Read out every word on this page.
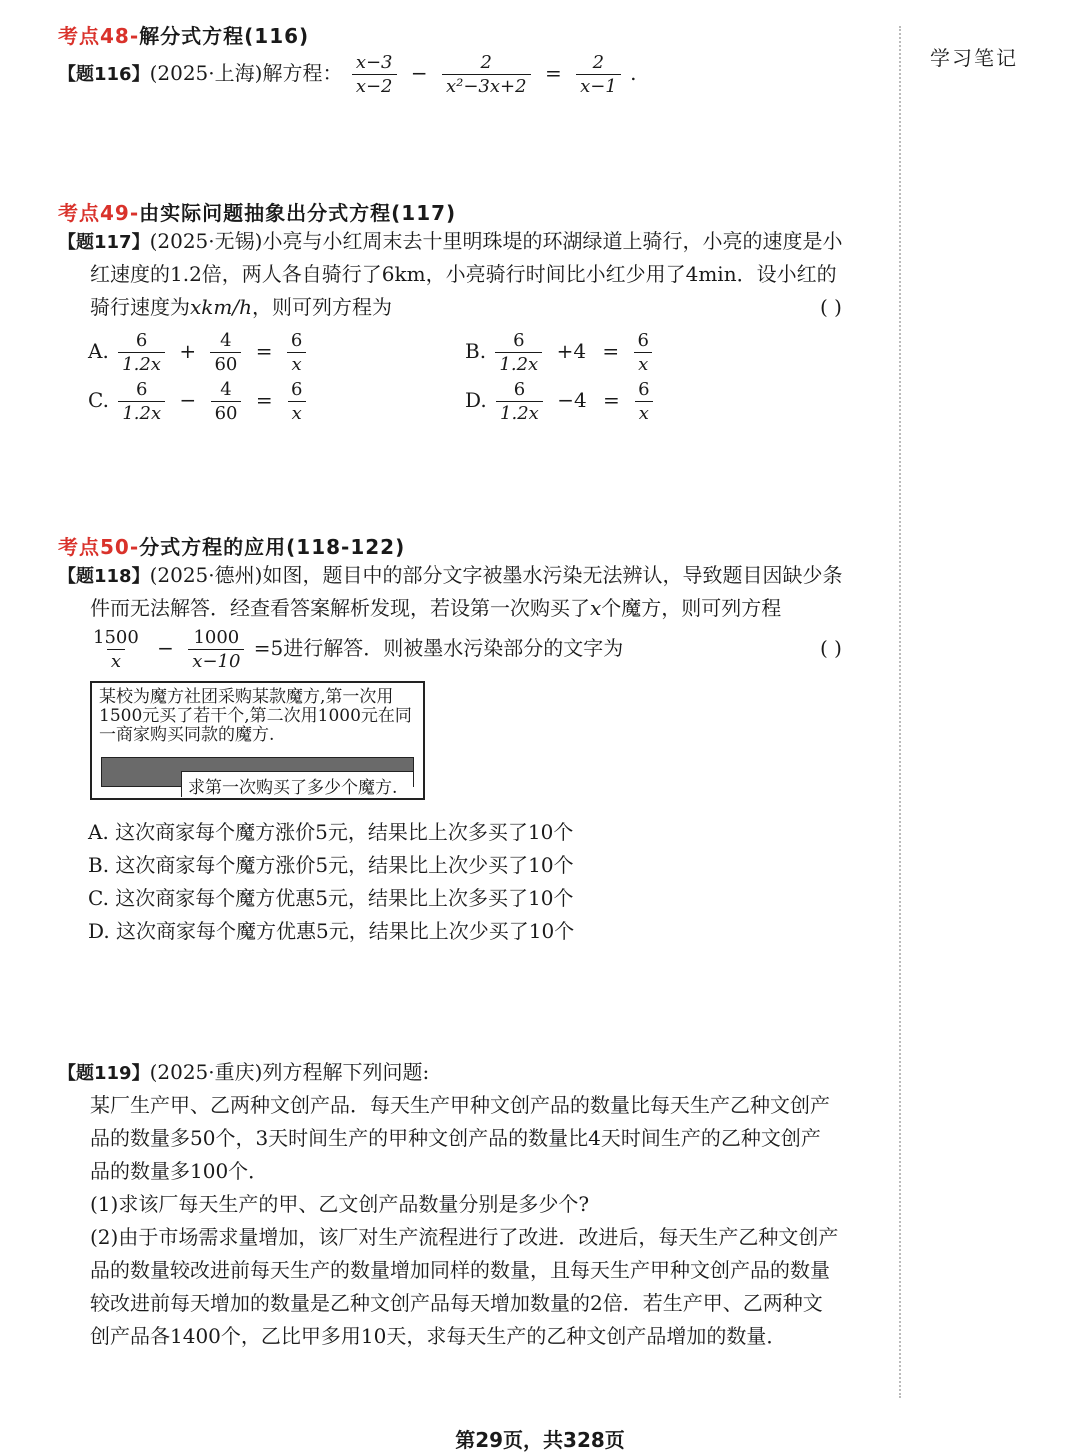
学习笔记
考点48-解分式方程(116)
【题116】(2025·上海)解方程： $\frac{x-3}{x-2} - \frac{2}{\text{x²−3x+2}} = \frac{2}{x-1}$ .
考点49-由实际问题抽象出分式方程(117)
【题117】(2025·无锡)小亮与小红周末去十里明珠堤的环湖绿道上骑行，小亮的速度是小
红速度的1.2倍，两人各自骑行了6km，小亮骑行时间比小红少用了4min．设小红的
骑行速度为xkm/h，则可列方程为	( )
A. $\frac{6}{1.2x} + \frac{4}{60} = \frac{6}{x}$	B. $\frac{6}{1.2x} +4 = \frac{6}{x}$
C. $\frac{6}{1.2x} - \frac{4}{60} = \frac{6}{x}$	D. $\frac{6}{1.2x} -4 = \frac{6}{x}$
考点50-分式方程的应用(118-122)
【题118】(2025·德州)如图，题目中的部分文字被墨水污染无法辨认，导致题目因缺少条
件而无法解答．经查看答案解析发现，若设第一次购买了x个魔方，则可列方程
$\frac{1500}{x} - \frac{1000}{x-10} =5$进行解答．则被墨水污染部分的文字为	( )
某校为魔方社团采购某款魔方,第一次用1500元买了若干个,第二次用1000元在同一商家购买同款的魔方.
求第一次购买了多少个魔方.
A. 这次商家每个魔方涨价5元，结果比上次多买了10个
B. 这次商家每个魔方涨价5元，结果比上次少买了10个
C. 这次商家每个魔方优惠5元，结果比上次多买了10个
D. 这次商家每个魔方优惠5元，结果比上次少买了10个
【题119】(2025·重庆)列方程解下列问题:
某厂生产甲、乙两种文创产品．每天生产甲种文创产品的数量比每天生产乙种文创产
品的数量多50个，3天时间生产的甲种文创产品的数量比4天时间生产的乙种文创产
品的数量多100个．
(1)求该厂每天生产的甲、乙文创产品数量分别是多少个?
(2)由于市场需求量增加，该厂对生产流程进行了改进．改进后，每天生产乙种文创产
品的数量较改进前每天生产的数量增加同样的数量，且每天生产甲种文创产品的数量
较改进前每天增加的数量是乙种文创产品每天增加数量的2倍．若生产甲、乙两种文
创产品各1400个，乙比甲多用10天，求每天生产的乙种文创产品增加的数量．
第29页，共328页
